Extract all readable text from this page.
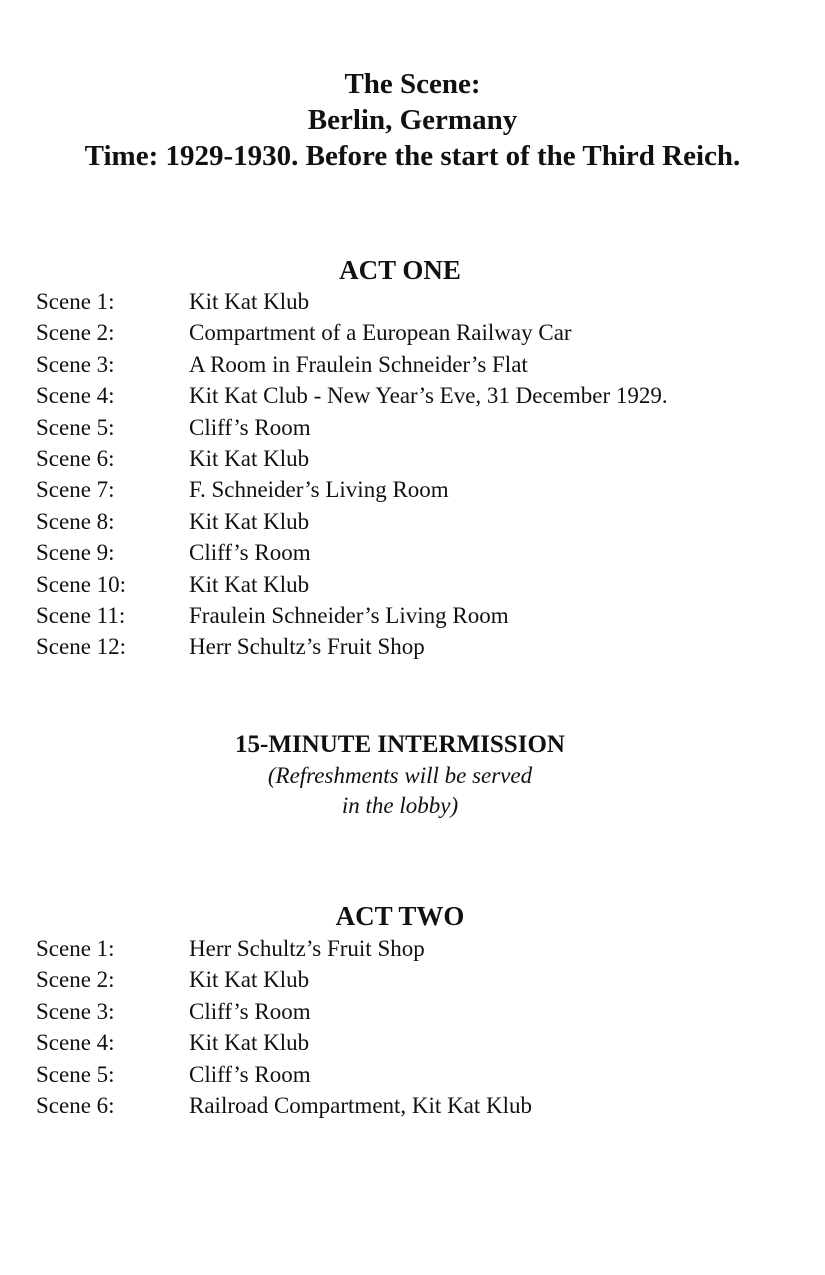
The Scene:
Berlin, Germany
Time: 1929-1930. Before the start of the Third Reich.
ACT ONE
Scene 1:	Kit Kat Klub
Scene 2:	Compartment of a European Railway Car
Scene 3:	A Room in Fraulein Schneider’s Flat
Scene 4:	Kit Kat Club - New Year’s Eve, 31 December 1929.
Scene 5:	Cliff’s Room
Scene 6:	Kit Kat Klub
Scene 7:	F. Schneider’s Living Room
Scene 8:	Kit Kat Klub
Scene 9:	Cliff’s Room
Scene 10:	Kit Kat Klub
Scene 11:	Fraulein Schneider’s Living Room
Scene 12:	Herr Schultz’s Fruit Shop
15-MINUTE INTERMISSION
(Refreshments will be served
in the lobby)
ACT TWO
Scene 1:	Herr Schultz’s Fruit Shop
Scene 2:	Kit Kat Klub
Scene 3:	Cliff’s Room
Scene 4:	Kit Kat Klub
Scene 5:	Cliff’s Room
Scene 6:	Railroad Compartment, Kit Kat Klub
